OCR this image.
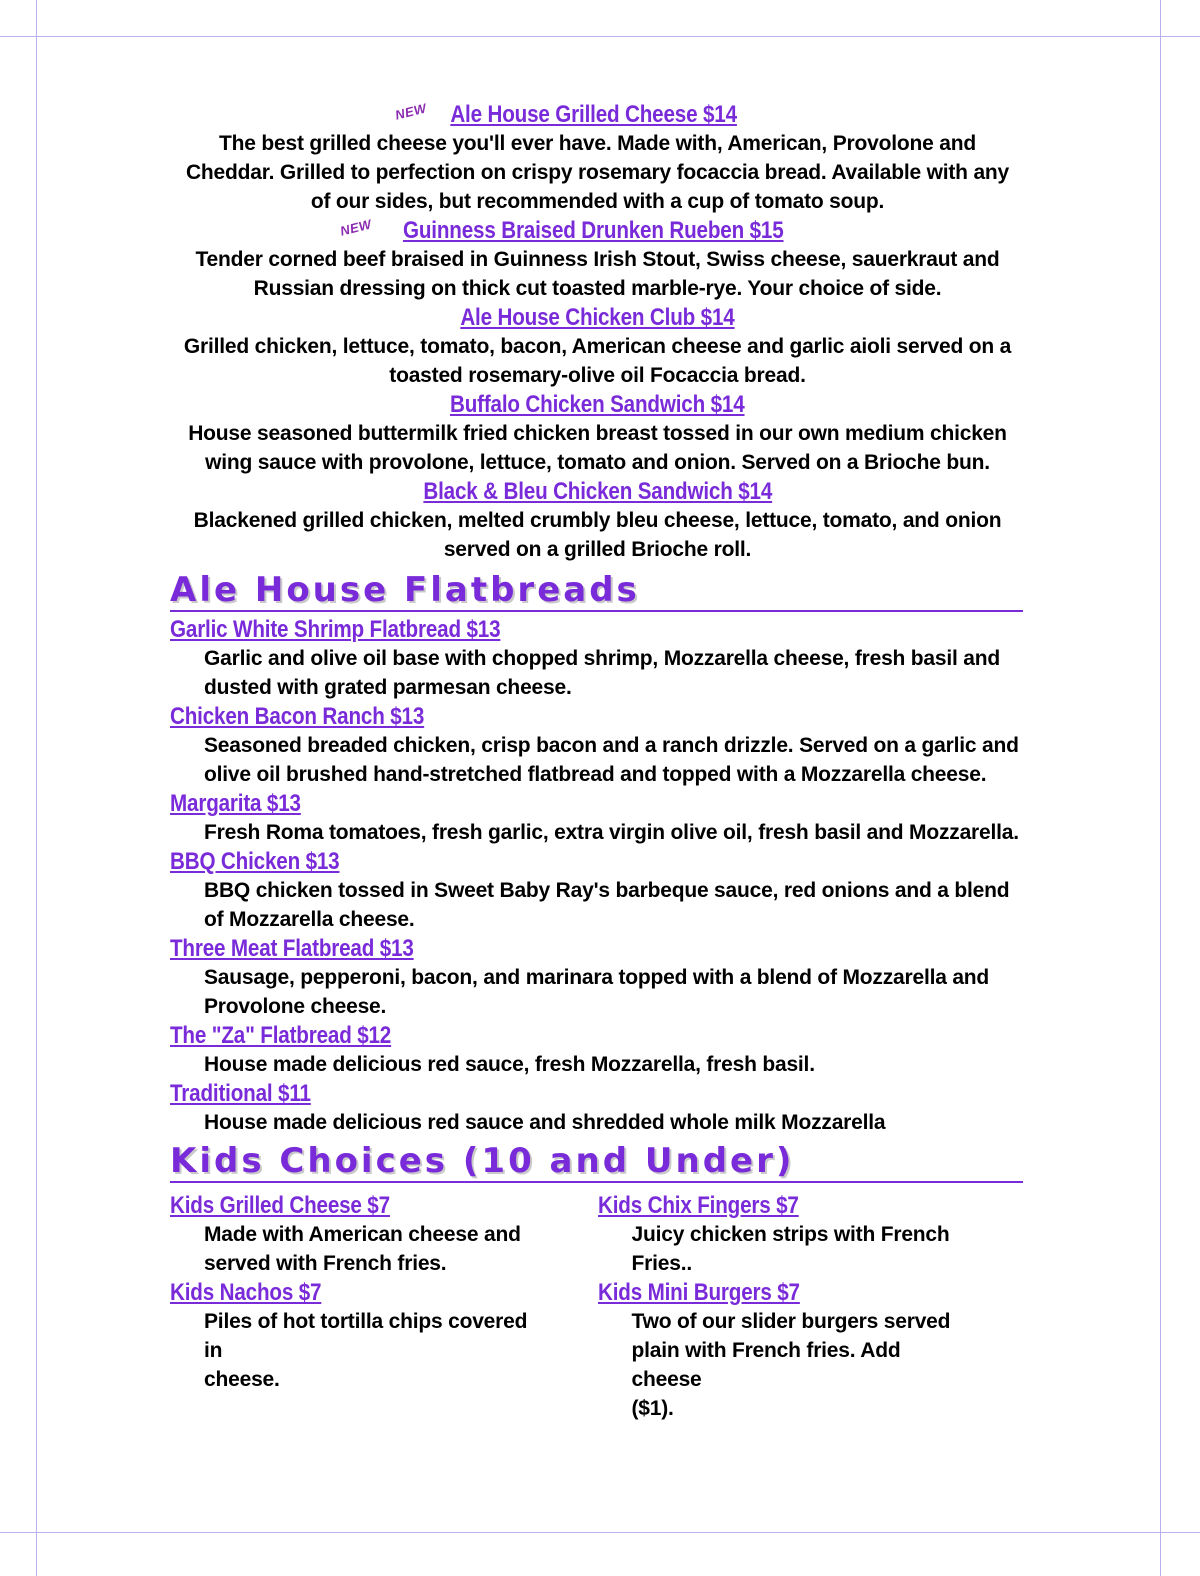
NEW Ale House Grilled Cheese $14
The best grilled cheese you'll ever have. Made with, American, Provolone and
Cheddar. Grilled to perfection on crispy rosemary focaccia bread. Available with any
of our sides, but recommended with a cup of tomato soup.
NEW Guinness Braised Drunken Rueben $15
Tender corned beef braised in Guinness Irish Stout, Swiss cheese, sauerkraut and
Russian dressing on thick cut toasted marble-rye. Your choice of side.
Ale House Chicken Club $14
Grilled chicken, lettuce, tomato, bacon, American cheese and garlic aioli served on a
toasted rosemary-olive oil Focaccia bread.
Buffalo Chicken Sandwich $14
House seasoned buttermilk fried chicken breast tossed in our own medium chicken
wing sauce with provolone, lettuce, tomato and onion. Served on a Brioche bun.
Black & Bleu Chicken Sandwich $14
Blackened grilled chicken, melted crumbly bleu cheese, lettuce, tomato, and onion
served on a grilled Brioche roll.
Ale House Flatbreads
Garlic White Shrimp Flatbread $13
Garlic and olive oil base with chopped shrimp, Mozzarella cheese, fresh basil and
dusted with grated parmesan cheese.
Chicken Bacon Ranch $13
Seasoned breaded chicken, crisp bacon and a ranch drizzle. Served on a garlic and
olive oil brushed hand-stretched flatbread and topped with a Mozzarella cheese.
Margarita $13
Fresh Roma tomatoes, fresh garlic, extra virgin olive oil, fresh basil and Mozzarella.
BBQ Chicken $13
BBQ chicken tossed in Sweet Baby Ray's barbeque sauce, red onions and a blend
of Mozzarella cheese.
Three Meat Flatbread $13
Sausage, pepperoni, bacon, and marinara topped with a blend of Mozzarella and
Provolone cheese.
The "Za" Flatbread $12
House made delicious red sauce, fresh Mozzarella, fresh basil.
Traditional $11
House made delicious red sauce and shredded whole milk Mozzarella
Kids Choices (10 and Under)
Kids Grilled Cheese $7
Made with American cheese and
served with French fries.
Kids Nachos $7
Piles of hot tortilla chips covered in
cheese.
Kids Chix Fingers $7
Juicy chicken strips with French
Fries..
Kids Mini Burgers $7
Two of our slider burgers served
plain with French fries. Add cheese
($1).
